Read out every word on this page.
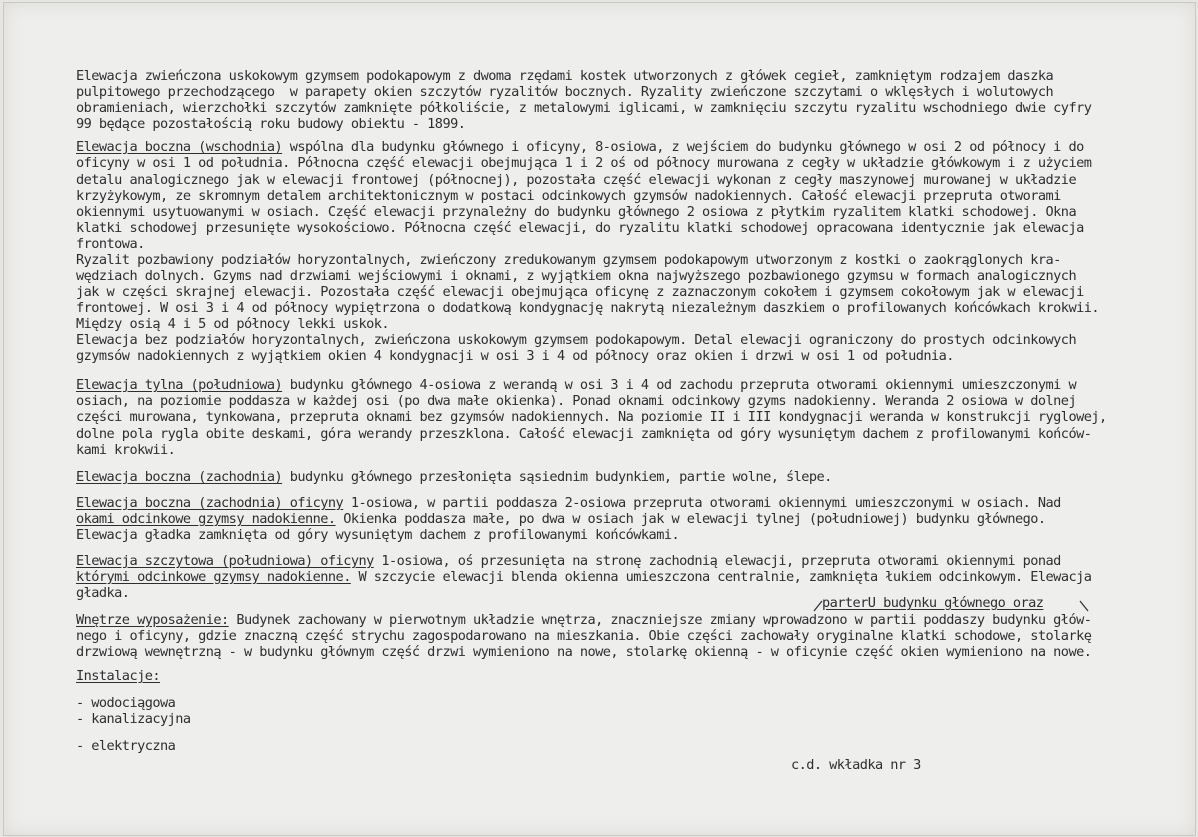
Elewacja zwieńczona uskokowym gzymsem podokapowym z dwoma rzędami kostek utworzonych z główek cegieł, zamkniętym rodzajem daszka

pulpitowego przechodzącego  w parapety okien szczytów ryzalitów bocznych. Ryzality zwieńczone szczytami o wklęsłych i wolutowych

obramieniach, wierzchołki szczytów zamknięte półkoliście, z metalowymi iglicami, w zamknięciu szczytu ryzalitu wschodniego dwie cyfry

99 będące pozostałością roku budowy obiektu - 1899.

Elewacja boczna (wschodnia) wspólna dla budynku głównego i oficyny, 8-osiowa, z wejściem do budynku głównego w osi 2 od północy i do

oficyny w osi 1 od południa. Północna część elewacji obejmująca 1 i 2 oś od północy murowana z cegły w układzie główkowym i z użyciem

detalu analogicznego jak w elewacji frontowej (północnej), pozostała część elewacji wykonan z cegły maszynowej murowanej w układzie

krzyżykowym, ze skromnym detalem architektonicznym w postaci odcinkowych gzymsów nadokiennych. Całość elewacji przepruta otworami

okiennymi usytuowanymi w osiach. Część elewacji przynależny do budynku głównego 2 osiowa z płytkim ryzalitem klatki schodowej. Okna

klatki schodowej przesunięte wysokościowo. Północna część elewacji, do ryzalitu klatki schodowej opracowana identycznie jak elewacja

frontowa.

Ryzalit pozbawiony podziałów horyzontalnych, zwieńczony zredukowanym gzymsem podokapowym utworzonym z kostki o zaokrąglonych kra-

wędziach dolnych. Gzyms nad drzwiami wejściowymi i oknami, z wyjątkiem okna najwyższego pozbawionego gzymsu w formach analogicznych

jak w części skrajnej elewacji. Pozostała część elewacji obejmująca oficynę z zaznaczonym cokołem i gzymsem cokołowym jak w elewacji

frontowej. W osi 3 i 4 od północy wypiętrzona o dodatkową kondygnację nakrytą niezależnym daszkiem o profilowanych końcówkach krokwii.

Między osią 4 i 5 od północy lekki uskok.

Elewacja bez podziałów horyzontalnych, zwieńczona uskokowym gzymsem podokapowym. Detal elewacji ograniczony do prostych odcinkowych

gzymsów nadokiennych z wyjątkiem okien 4 kondygnacji w osi 3 i 4 od północy oraz okien i drzwi w osi 1 od południa.

Elewacja tylna (południowa) budynku głównego 4-osiowa z werandą w osi 3 i 4 od zachodu przepruta otworami okiennymi umieszczonymi w

osiach, na poziomie poddasza w każdej osi (po dwa małe okienka). Ponad oknami odcinkowy gzyms nadokienny. Weranda 2 osiowa w dolnej

części murowana, tynkowana, przepruta oknami bez gzymsów nadokiennych. Na poziomie II i III kondygnacji weranda w konstrukcji ryglowej,

dolne pola rygla obite deskami, góra werandy przeszklona. Całość elewacji zamknięta od góry wysuniętym dachem z profilowanymi końców-

kami krokwii.

Elewacja boczna (zachodnia) budynku głównego przesłonięta sąsiednim budynkiem, partie wolne, ślepe.

Elewacja boczna (zachodnia) oficyny 1-osiowa, w partii poddasza 2-osiowa przepruta otworami okiennymi umieszczonymi w osiach. Nad

okami odcinkowe gzymsy nadokienne. Okienka poddasza małe, po dwa w osiach jak w elewacji tylnej (południowej) budynku głównego.

Elewacja gładka zamknięta od góry wysuniętym dachem z profilowanymi końcówkami.

Elewacja szczytowa (południowa) oficyny 1-osiowa, oś przesunięta na stronę zachodnią elewacji, przepruta otworami okiennymi ponad

którymi odcinkowe gzymsy nadokienne. W szczycie elewacji blenda okienna umieszczona centralnie, zamknięta łukiem odcinkowym. Elewacja

gładka.

parterU budynku głównego oraz

Wnętrze wyposażenie: Budynek zachowany w pierwotnym układzie wnętrza, znaczniejsze zmiany wprowadzono w partii poddaszy budynku głów-

nego i oficyny, gdzie znaczną część strychu zagospodarowano na mieszkania. Obie części zachowały oryginalne klatki schodowe, stolarkę

drzwiową wewnętrzną - w budynku głównym część drzwi wymieniono na nowe, stolarkę okienną - w oficynie część okien wymieniono na nowe.

Instalacje:

- wodociągowa

- kanalizacyjna

- elektryczna

c.d. wkładka nr 3
